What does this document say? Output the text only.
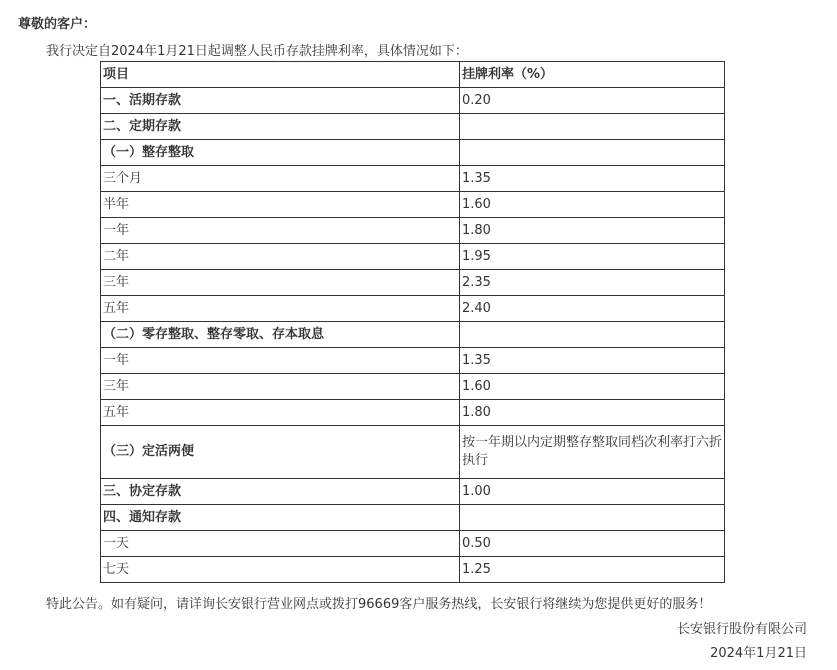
尊敬的客户：
我行决定自2024年1月21日起调整人民币存款挂牌利率，具体情况如下：
项目	挂牌利率（%）
一、活期存款	0.20
二、定期存款	
（一）整存整取	
三个月	1.35
半年	1.60
一年	1.80
二年	1.95
三年	2.35
五年	2.40
（二）零存整取、整存零取、存本取息	
一年	1.35
三年	1.60
五年	1.80
（三）定活两便	按一年期以内定期整存整取同档次利率打六折执行
三、协定存款	1.00
四、通知存款	
一天	0.50
七天	1.25
特此公告。如有疑问，请详询长安银行营业网点或拨打96669客户服务热线，长安银行将继续为您提供更好的服务！
长安银行股份有限公司
2024年1月21日
